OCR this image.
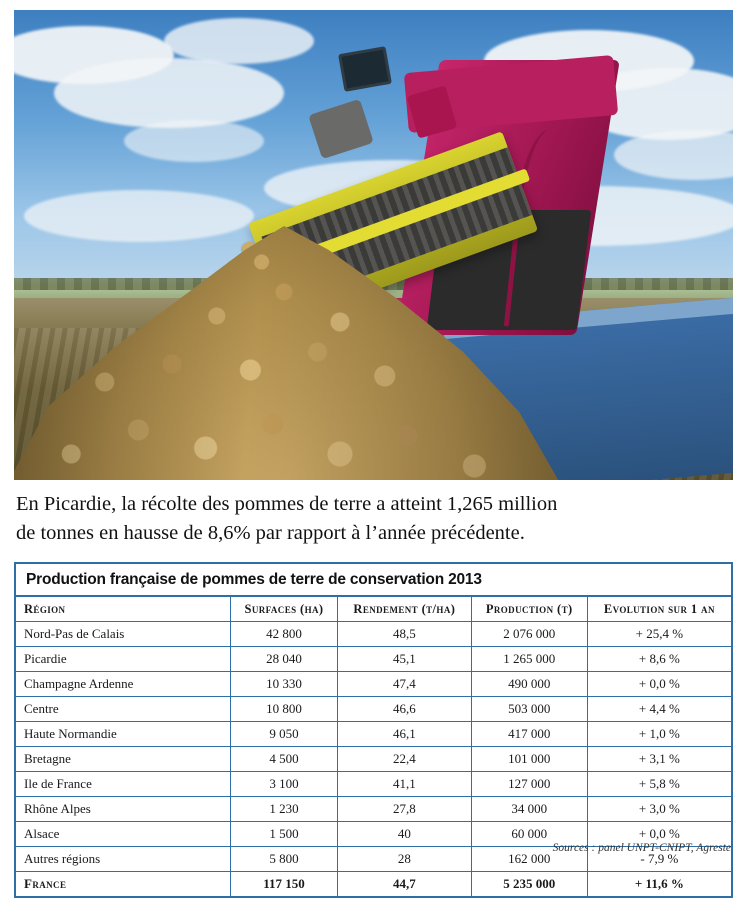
En Picardie, la récolte des pommes de terre a atteint 1,265 million
de tonnes en hausse de 8,6% par rapport à l’année précédente.
Production française de pommes de terre de conservation 2013
Région	Surfaces (ha)	Rendement (t/ha)	Production (t)	Evolution sur 1 an
Nord-Pas de Calais	42 800	48,5	2 076 000	+ 25,4 %
Picardie	28 040	45,1	1 265 000	+ 8,6 %
Champagne Ardenne	10 330	47,4	490 000	+ 0,0 %
Centre	10 800	46,6	503 000	+ 4,4 %
Haute Normandie	9 050	46,1	417 000	+ 1,0 %
Bretagne	4 500	22,4	101 000	+ 3,1 %
Ile de France	3 100	41,1	127 000	+ 5,8 %
Rhône Alpes	1 230	27,8	34 000	+ 3,0 %
Alsace	1 500	40	60 000	+ 0,0 %
Autres régions	5 800	28	162 000	- 7,9 %
France	117 150	44,7	5 235 000	+ 11,6 %
Sources : panel UNPT-CNIPT, Agreste
